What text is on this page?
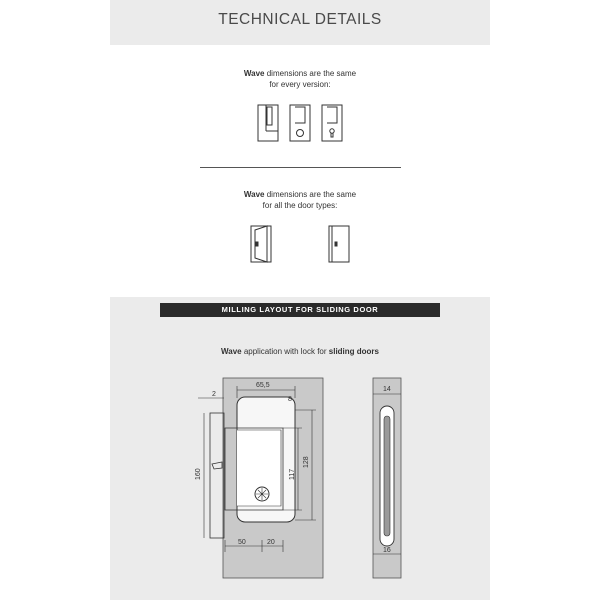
TECHNICAL DETAILS
Wave dimensions are the same
for every version:
Wave dimensions are the same
for all the door types:
MILLING LAYOUT FOR SLIDING DOOR
Wave application with lock for sliding doors
65,5
8
2
160	117
128
50	20
14
16
